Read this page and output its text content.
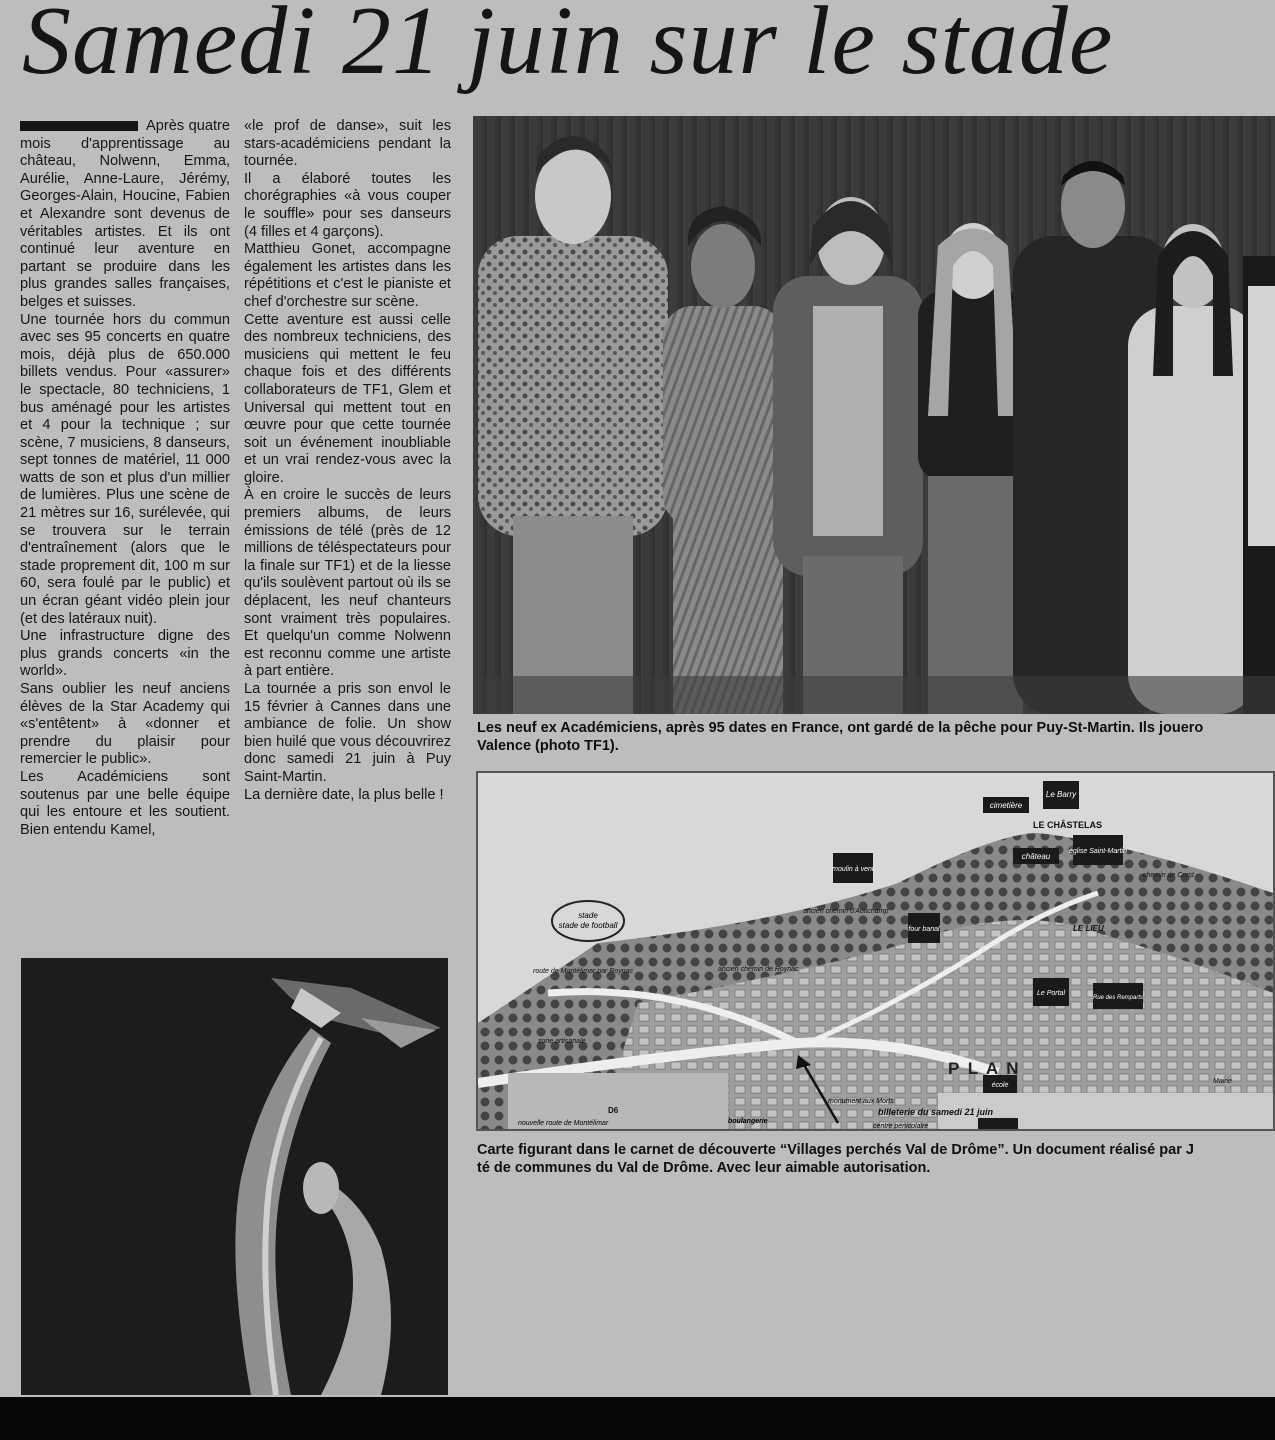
Samedi 21 juin sur le stade

Après quatre mois d'apprentissage au château, Nolwenn, Emma, Aurélie, Anne-Laure, Jérémy, Georges-Alain, Houcine, Fabien et Alexandre sont devenus de véritables artistes. Et ils ont continué leur aventure en partant se produire dans les plus grandes salles françaises, belges et suisses.

Une tournée hors du commun avec ses 95 concerts en quatre mois, déjà plus de 650.000 billets vendus. Pour «assurer» le spectacle, 80 techniciens, 1 bus aménagé pour les artistes et 4 pour la technique ; sur scène, 7 musiciens, 8 danseurs, sept tonnes de matériel, 11 000 watts de son et plus d'un millier de lumières. Plus une scène de 21 mètres sur 16, surélevée, qui se trouvera sur le terrain d'entraînement (alors que le stade proprement dit, 100 m sur 60, sera foulé par le public) et un écran géant vidéo plein jour (et des latéraux nuit).

Une infrastructure digne des plus grands concerts «in the world».

Sans oublier les neuf anciens élèves de la Star Academy qui «s'entêtent» à «donner et prendre du plaisir pour remercier le public».

Les Académiciens sont soutenus par une belle équipe qui les entoure et les soutient. Bien entendu Kamel,

«le prof de danse», suit les stars-académiciens pendant la tournée.

Il a élaboré toutes les chorégraphies «à vous couper le souffle» pour ses danseurs (4 filles et 4 garçons).

Matthieu Gonet, accompagne également les artistes dans les répétitions et c'est le pianiste et chef d'orchestre sur scène.

Cette aventure est aussi celle des nombreux techniciens, des musiciens qui mettent le feu chaque fois et des différents collaborateurs de TF1, Glem et Universal qui mettent tout en œuvre pour que cette tournée soit un événement inoubliable et un vrai rendez-vous avec la gloire.

À en croire le succès de leurs premiers albums, de leurs émissions de télé (près de 12 millions de téléspectateurs pour la finale sur TF1) et de la liesse qu'ils soulèvent partout où ils se déplacent, les neuf chanteurs sont vraiment très populaires. Et quelqu'un comme Nolwenn est reconnu comme une artiste à part entière.

La tournée a pris son envol le 15 février à Cannes dans une ambiance de folie. Un show bien huilé que vous découvrirez donc samedi 21 juin à Puy Saint-Martin.

La dernière date, la plus belle !

Les neuf ex Académiciens, après 95 dates en France, ont gardé de la pêche pour Puy-St-Martin. Ils jouero
Valence (photo TF1).
stade
stade de football
Le Barry
cimetière
LE CHÂSTELAS
château
église Saint-Martin
moulin à vent
chemin de Crest
ancien chemin d'Autichamp
four banal	LE LIEU
ancien chemin de Roynac
Le Portal
Rue des Remparts
route de Montélimar par Roynac
zone artisanale
Mairie
D6
école
monument aux Morts
nouvelle route de Montélimar	centre pénicolaire
boulangerie
P L A N
billeterie du samedi 21 juin
Carte figurant dans le carnet de découverte “Villages perchés Val de Drôme”. Un document réalisé par J
té de communes du Val de Drôme. Avec leur aimable autorisation.
